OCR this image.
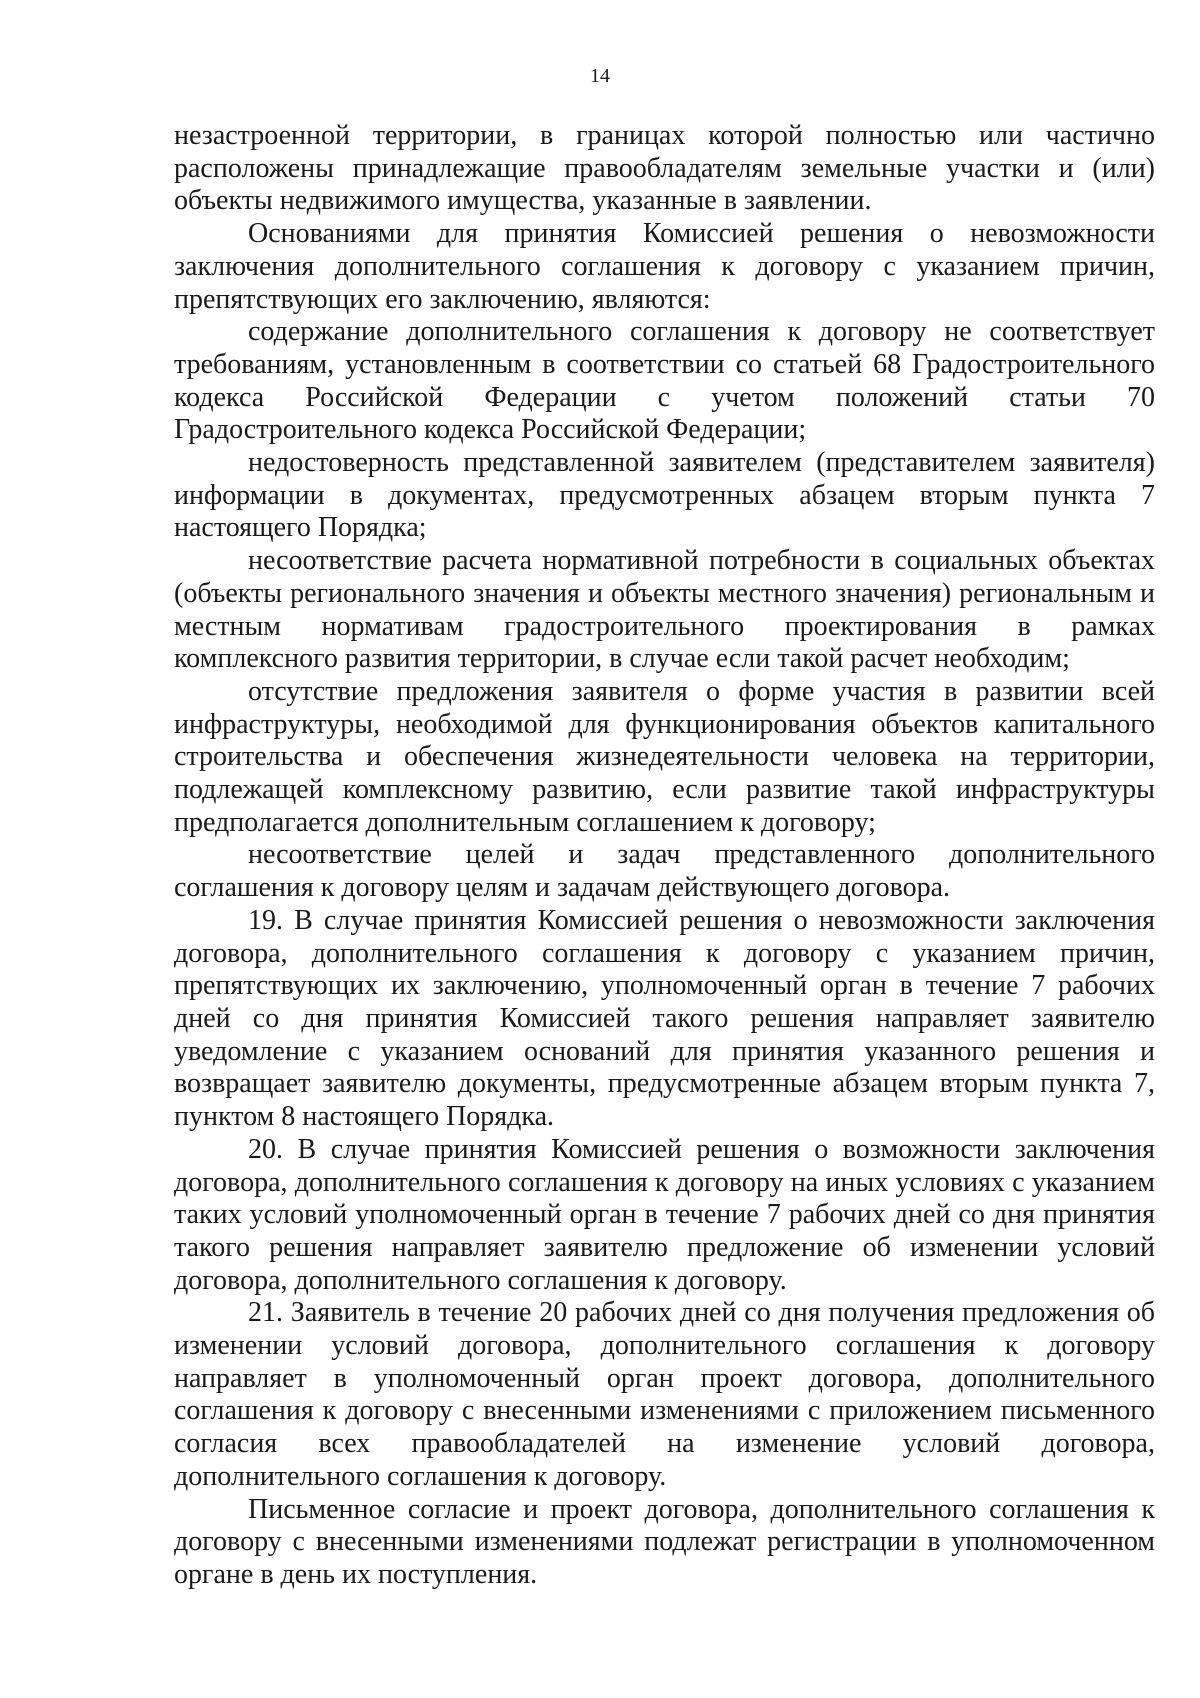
14

незастроенной территории, в границах которой полностью или частично расположены принадлежащие правообладателям земельные участки и (или) объекты недвижимого имущества, указанные в заявлении.

Основаниями для принятия Комиссией решения о невозможности заключения дополнительного соглашения к договору с указанием причин, препятствующих его заключению, являются:

содержание дополнительного соглашения к договору не соответствует требованиям, установленным в соответствии со статьей 68 Градостроительного кодекса Российской Федерации с учетом положений статьи 70 Градостроительного кодекса Российской Федерации;

недостоверность представленной заявителем (представителем заявителя) информации в документах, предусмотренных абзацем вторым пункта 7 настоящего Порядка;

несоответствие расчета нормативной потребности в социальных объектах (объекты регионального значения и объекты местного значения) региональным и местным нормативам градостроительного проектирования в рамках комплексного развития территории, в случае если такой расчет необходим;

отсутствие предложения заявителя о форме участия в развитии всей инфраструктуры, необходимой для функционирования объектов капитального строительства и обеспечения жизнедеятельности человека на территории, подлежащей комплексному развитию, если развитие такой инфраструктуры предполагается дополнительным соглашением к договору;

несоответствие целей и задач представленного дополнительного соглашения к договору целям и задачам действующего договора.

19. В случае принятия Комиссией решения о невозможности заключения договора, дополнительного соглашения к договору с указанием причин, препятствующих их заключению, уполномоченный орган в течение 7 рабочих дней со дня принятия Комиссией такого решения направляет заявителю уведомление с указанием оснований для принятия указанного решения и возвращает заявителю документы, предусмотренные абзацем вторым пункта 7, пунктом 8 настоящего Порядка.

20. В случае принятия Комиссией решения о возможности заключения договора, дополнительного соглашения к договору на иных условиях с указанием таких условий уполномоченный орган в течение 7 рабочих дней со дня принятия такого решения направляет заявителю предложение об изменении условий договора, дополнительного соглашения к договору.

21. Заявитель в течение 20 рабочих дней со дня получения предложения об изменении условий договора, дополнительного соглашения к договору направляет в уполномоченный орган проект договора, дополнительного соглашения к договору с внесенными изменениями с приложением письменного согласия всех правообладателей на изменение условий договора, дополнительного соглашения к договору.

Письменное согласие и проект договора, дополнительного соглашения к договору с внесенными изменениями подлежат регистрации в уполномоченном органе в день их поступления.
